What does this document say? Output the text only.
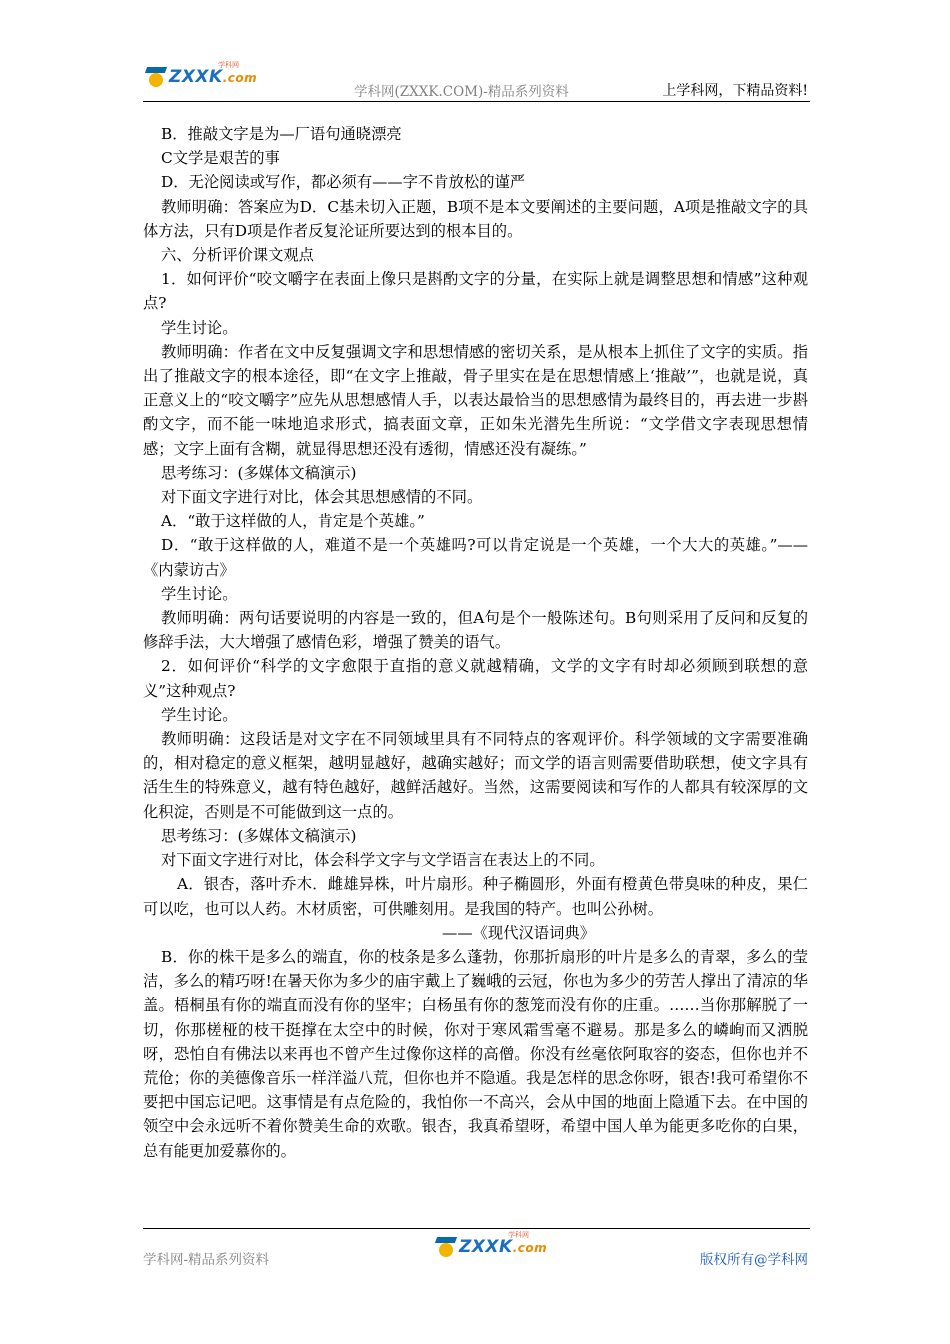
ZXXK.com
学科网
学科网(ZXXK.COM)-精品系列资料	上学科网，下精品资料!

B．推敲文字是为—厂语句通晓漂亮

C文学是艰苦的事

D．无沦阅读或写作，都必须有——字不肯放松的谨严

教师明确：答案应为D．C基未切入正题，B项不是本文要阐述的主要问题，A项是推敲文字的具体方法，只有D项是作者反复沦证所要达到的根本目的。

六、分析评价课文观点

1．如何评价“咬文嚼字在表面上像只是斟酌文字的分量，在实际上就是调整思想和情感”这种观点?

学生讨论。

教师明确：作者在文中反复强调文字和思想情感的密切关系，是从根本上抓住了文字的实质。指出了推敲文字的根本途径，即“在文字上推敲，骨子里实在是在思想情感上‘推敲’”，也就是说，真正意义上的“咬文嚼字”应先从思想感情人手，以表达最恰当的思想感情为最终目的，再去进一步斟酌文字，而不能一味地追求形式，搞表面文章，正如朱光潜先生所说：“文学借文字表现思想情感；文字上面有含糊，就显得思想还没有透彻，情感还没有凝练。”

思考练习：(多媒体文稿演示)

对下面文字进行对比，体会其思想感情的不同。

A．“敢于这样做的人，肯定是个英雄。”

D．“敢于这样做的人，难道不是一个英雄吗?可以肯定说是一个英雄，一个大大的英雄。”——《内蒙访古》

学生讨论。

教师明确：两句话要说明的内容是一致的，但A句是个一般陈述句。B句则采用了反问和反复的修辞手法，大大增强了感情色彩，增强了赞美的语气。

2．如何评价“科学的文字愈限于直指的意义就越精确，文学的文字有时却必须顾到联想的意义”这种观点?

学生讨论。

教师明确：这段话是对文字在不同领域里具有不同特点的客观评价。科学领域的文字需要准确的，相对稳定的意义框架，越明显越好，越确实越好；而文学的语言则需要借助联想，使文字具有活生生的特殊意义，越有特色越好，越鲜活越好。当然，这需要阅读和写作的人都具有较深厚的文化积淀，否则是不可能做到这一点的。

思考练习：(多媒体文稿演示)

对下面文字进行对比，体会科学文字与文学语言在表达上的不同。

A．银杏，落叶乔木．雌雄异株，叶片扇形。种子椭圆形，外面有橙黄色带臭味的种皮，果仁可以吃，也可以人药。木材质密，可供雕刻用。是我国的特产。也叫公孙树。

——《现代汉语词典》

B．你的株干是多么的端直，你的枝条是多么蓬勃，你那折扇形的叶片是多么的青翠，多么的莹洁，多么的精巧呀!在暑天你为多少的庙宇戴上了巍峨的云冠，你也为多少的劳苦人撑出了清凉的华盖。梧桐虽有你的端直而没有你的坚牢；白杨虽有你的葱笼而没有你的庄重。……当你那解脱了一切，你那槎桠的枝干挺撑在太空中的时候，你对于寒风霜雪毫不避易。那是多么的嶙峋而又洒脱呀，恐怕自有佛法以来再也不曾产生过像你这样的高僧。你没有丝毫依阿取容的姿态，但你也并不荒伧；你的美德像音乐一样洋溢八荒，但你也并不隐遁。我是怎样的思念你呀，银杏!我可希望你不要把中国忘记吧。这事情是有点危险的，我怕你一不高兴，会从中国的地面上隐遁下去。在中国的领空中会永远听不着你赞美生命的欢歌。银杏，我真希望呀，希望中国人单为能更多吃你的白果，总有能更加爱慕你的。

学科网-精品系列资料
ZXXK.com
学科网
版权所有@学科网
